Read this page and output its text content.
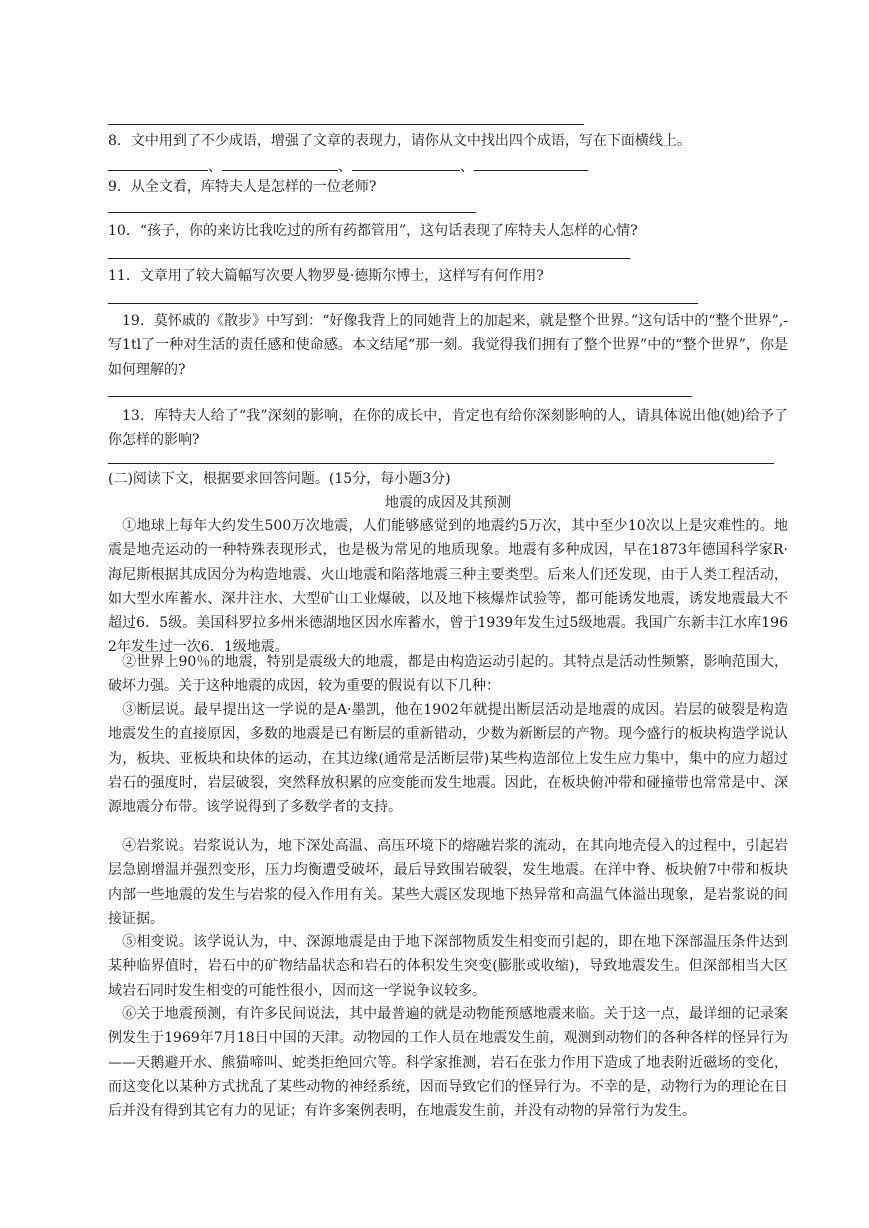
8．文中用到了不少成语，增强了文章的表现力，请你从文中找出四个成语，写在下面横线上。
、	、	、
9．从全文看，库特夫人是怎样的一位老师?
10．“孩子，你的来访比我吃过的所有药都管用”，这句话表现了库特夫人怎样的心情?
11．文章用了较大篇幅写次要人物罗曼·德斯尔博士，这样写有何作用?
19．莫怀戚的《散步》中写到：“好像我背上的同她背上的加起来，就是整个世界。”这句话中的“整个世界”,-写1tl了一种对生活的责任感和使命感。本文结尾“那一刻。我觉得我们拥有了整个世界”中的“整个世界”，你是如何理解的?
13．库特夫人给了“我”深刻的影响，在你的成长中，肯定也有给你深刻影响的人，请具体说出他(她)给予了你怎样的影响?
(二)阅读下文，根据要求回答问题。(15分，每小题3分)
地震的成因及其预测
①地球上每年大约发生500万次地震，人们能够感觉到的地震约5万次，其中至少10次以上是灾难性的。地震是地壳运动的一种特殊表现形式，也是极为常见的地质现象。地震有多种成因，早在1873年德国科学家R·海尼斯根据其成因分为构造地震、火山地震和陷落地震三种主要类型。后来人们还发现，由于人类工程活动，如大型水库蓄水、深井注水、大型矿山工业爆破，以及地下核爆炸试验等，都可能诱发地震，诱发地震最大不超过6．5级。美国科罗拉多州米德湖地区因水库蓄水，曾于1939年发生过5级地震。我国广东新丰江水库1962年发生过一次6．1级地震。
②世界上90％的地震，特别是震级大的地震，都是由构造运动引起的。其特点是活动性频繁，影响范围大，破坏力强。关于这种地震的成因，较为重要的假说有以下几种：
③断层说。最早提出这一学说的是A·墨凯，他在1902年就提出断层活动是地震的成因。岩层的破裂是构造地震发生的直接原因，多数的地震是已有断层的重新错动，少数为新断层的产物。现今盛行的板块构造学说认为，板块、亚板块和块体的运动，在其边缘(通常是活断层带)某些构造部位上发生应力集中，集中的应力超过岩石的强度时，岩层破裂，突然释放积累的应变能而发生地震。因此，在板块俯冲带和碰撞带也常常是中、深源地震分布带。该学说得到了多数学者的支持。
④岩浆说。岩浆说认为，地下深处高温、高压环境下的熔融岩浆的流动，在其向地壳侵入的过程中，引起岩层急剧增温并强烈变形，压力均衡遭受破坏，最后导致围岩破裂，发生地震。在洋中脊、板块俯7中带和板块内部一些地震的发生与岩浆的侵入作用有关。某些大震区发现地下热异常和高温气体溢出现象，是岩浆说的间接证据。
⑤相变说。该学说认为，中、深源地震是由于地下深部物质发生相变而引起的，即在地下深部温压条件达到某种临界值时，岩石中的矿物结晶状态和岩石的体积发生突变(膨胀或收缩)，导致地震发生。但深部相当大区域岩石同时发生相变的可能性很小，因而这一学说争议较多。
⑥关于地震预测，有许多民间说法，其中最普遍的就是动物能预感地震来临。关于这一点，最详细的记录案例发生于1969年7月18日中国的天津。动物园的工作人员在地震发生前，观测到动物们的各种各样的怪异行为——天鹅避开水、熊猫啼叫、蛇类拒绝回穴等。科学家推测，岩石在张力作用下造成了地表附近磁场的变化，而这变化以某种方式扰乱了某些动物的神经系统，因而导致它们的怪异行为。不幸的是，动物行为的理论在日后并没有得到其它有力的见证；有许多案例表明，在地震发生前，并没有动物的异常行为发生。
